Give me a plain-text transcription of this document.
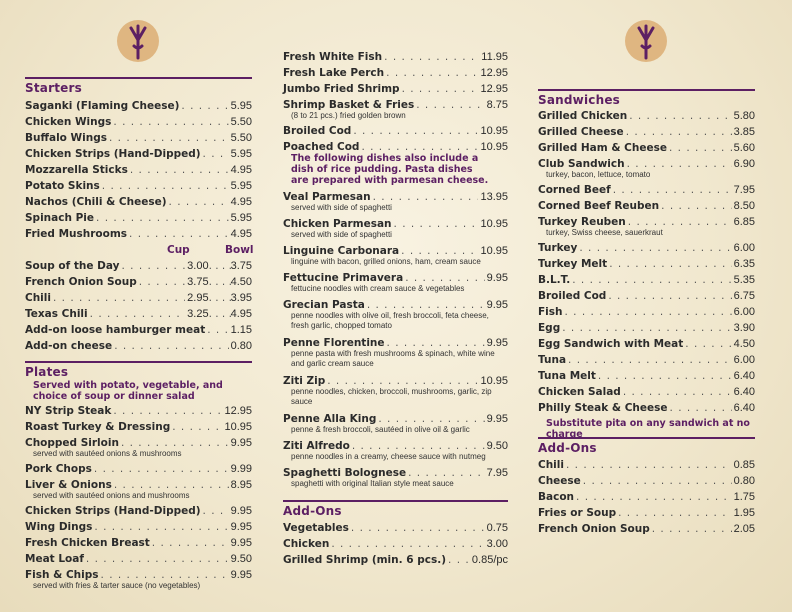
Starters
Saganki (Flaming Cheese) . . .	5.95
Chicken Wings . . .	5.50
Buffalo Wings . . .	5.50
Chicken Strips (Hand-Dipped) . . .	5.95
Mozzarella Sticks . . .	4.95
Potato Skins . . .	5.95
Nachos (Chili & Cheese) . . .	4.95
Spinach Pie . . .	5.95
Fried Mushrooms . . .	4.95
Cup	Bowl
Soup of the Day . . .	3.00 . . . 3.75
French Onion Soup . . .	3.75 . . . 4.50
Chili . . .	2.95 . . . 3.95
Texas Chili . . .	3.25 . . . 4.95
Add-on loose hamburger meat . . . 1.15
Add-on cheese . . .	0.80
Plates
Served with potato, vegetable, and choice of soup or dinner salad
NY Strip Steak . . .	12.95
Roast Turkey & Dressing . . .	10.95
Chopped Sirloin . . .	9.95
served with sautéed onions & mushrooms
Pork Chops . . .	9.99
Liver & Onions . . .	8.95
served with sautéed onions and mushrooms
Chicken Strips (Hand-Dipped) . . .	9.95
Wing Dings . . .	9.95
Fresh Chicken Breast . . .	9.95
Meat Loaf . . .	9.50
Fish & Chips . . .	9.95
served with fries & tarter sauce (no vegetables)
Fresh White Fish . . .	11.95
Fresh Lake Perch . . .	12.95
Jumbo Fried Shrimp . . .	12.95
Shrimp Basket & Fries . . .	8.75
(8 to 21 pcs.) fried golden brown
Broiled Cod . . .	10.95
Poached Cod . . .	10.95
The following dishes also include a dish of rice pudding. Pasta dishes are prepared with parmesan cheese.
Veal Parmesan . . .	13.95
served with side of spaghetti
Chicken Parmesan . . .	10.95
served with side of spaghetti
Linguine Carbonara . . .	10.95
linguine with bacon, grilled onions, ham, cream sauce
Fettucine Primavera . . .	9.95
fettucine noodles with cream sauce & vegetables
Grecian Pasta . . .	9.95
penne noodles with olive oil, fresh broccoli, feta cheese, fresh garlic, chopped tomato
Penne Florentine . . .	9.95
penne pasta with fresh mushrooms & spinach, white wine and garlic cream sauce
Ziti Zip . . .	10.95
penne noodles, chicken, broccoli, mushrooms, garlic, zip sauce
Penne Alla King . . .	9.95
penne & fresh broccoli, sautéed in olive oil & garlic
Ziti Alfredo . . .	9.50
penne noodles in a creamy, cheese sauce with nutmeg
Spaghetti Bolognese . . .	7.95
spaghetti with original Italian style meat sauce
Add-Ons
Vegetables . . .	0.75
Chicken . . .	3.00
Grilled Shrimp (min. 6 pcs.) . . . 0.85/pc
Sandwiches
Grilled Chicken . . .	5.80
Grilled Cheese . . .	3.85
Grilled Ham & Cheese . . .	5.60
Club Sandwich . . .	6.90
turkey, bacon, lettuce, tomato
Corned Beef . . .	7.95
Corned Beef Reuben . . .	8.50
Turkey Reuben . . .	6.85
turkey, Swiss cheese, sauerkraut
Turkey . . .	6.00
Turkey Melt . . .	6.35
B.L.T. . . .	5.35
Broiled Cod . . .	6.75
Fish . . .	6.00
Egg . . .	3.90
Egg Sandwich with Meat . . .	4.50
Tuna . . .	6.00
Tuna Melt . . .	6.40
Chicken Salad . . .	6.40
Philly Steak & Cheese . . .	6.40
Substitute pita on any sandwich at no charge
Add-Ons
Chili . . .	0.85
Cheese . . .	0.80
Bacon . . .	1.75
Fries or Soup . . .	1.95
French Onion Soup . . .	2.05
